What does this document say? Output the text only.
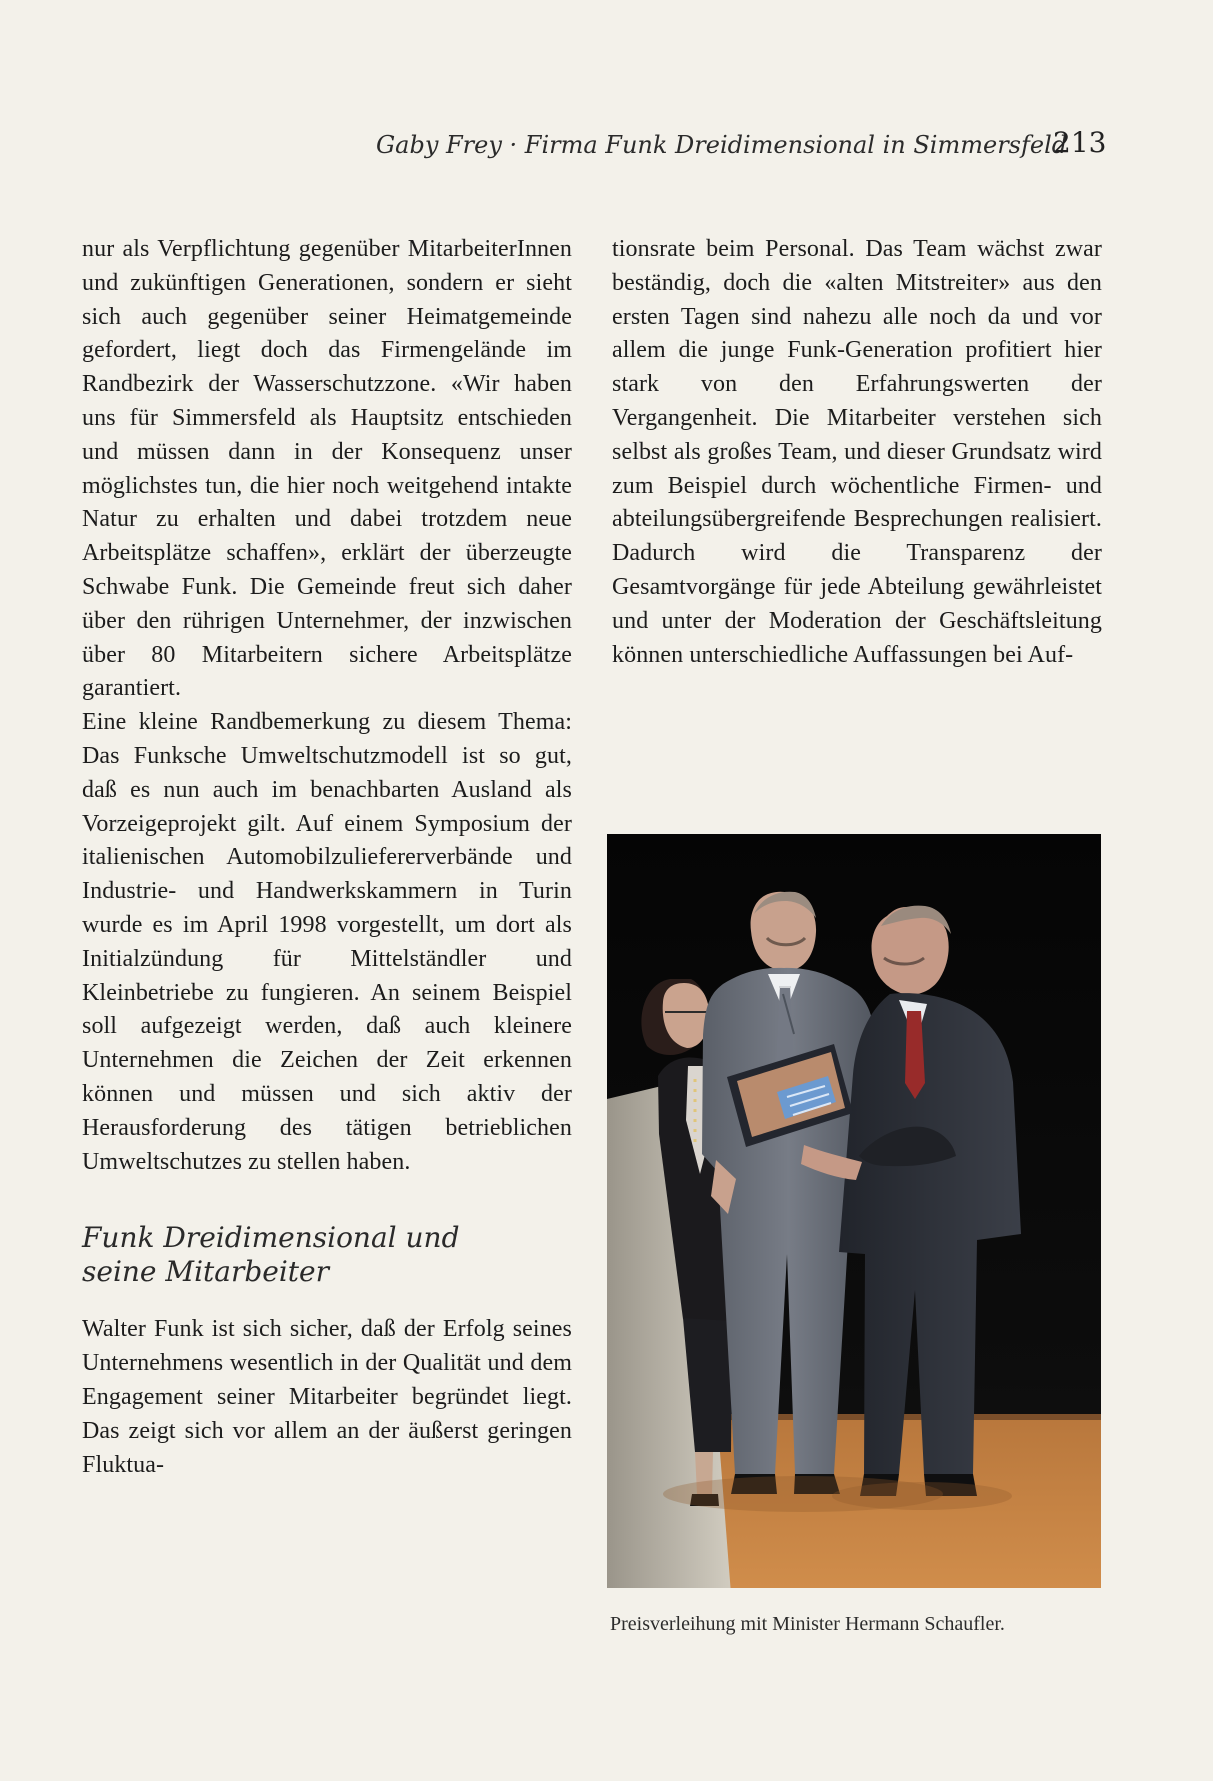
Gaby Frey · Firma Funk Dreidimensional in Simmersfeld
213

nur als Verpflichtung gegenüber MitarbeiterInnen und zukünftigen Generationen, sondern er sieht sich auch gegenüber seiner Heimatgemeinde gefordert, liegt doch das Firmengelände im Randbezirk der Wasserschutzzone. «Wir haben uns für Simmersfeld als Hauptsitz entschieden und müssen dann in der Konsequenz unser möglichstes tun, die hier noch weitgehend intakte Natur zu erhalten und dabei trotzdem neue Arbeitsplätze schaffen», erklärt der überzeugte Schwabe Funk. Die Gemeinde freut sich daher über den rührigen Unternehmer, der inzwischen über 80 Mitarbeitern sichere Arbeitsplätze garantiert.

Eine kleine Randbemerkung zu diesem Thema: Das Funksche Umweltschutzmodell ist so gut, daß es nun auch im benachbarten Ausland als Vorzeigeprojekt gilt. Auf einem Symposium der italienischen Automobilzuliefererverbände und Industrie- und Handwerkskammern in Turin wurde es im April 1998 vorgestellt, um dort als Initialzündung für Mittelständler und Kleinbetriebe zu fungieren. An seinem Beispiel soll aufgezeigt werden, daß auch kleinere Unternehmen die Zeichen der Zeit erkennen können und müssen und sich aktiv der Herausforderung des tätigen betrieblichen Umweltschutzes zu stellen haben.

Funk Dreidimensional und
seine Mitarbeiter

Walter Funk ist sich sicher, daß der Erfolg seines Unternehmens wesentlich in der Qualität und dem Engagement seiner Mitarbeiter begründet liegt. Das zeigt sich vor allem an der äußerst geringen Fluktua-

tionsrate beim Personal. Das Team wächst zwar beständig, doch die «alten Mitstreiter» aus den ersten Tagen sind nahezu alle noch da und vor allem die junge Funk-Generation profitiert hier stark von den Erfahrungswerten der Vergangenheit. Die Mitarbeiter verstehen sich selbst als großes Team, und dieser Grundsatz wird zum Beispiel durch wöchentliche Firmen- und abteilungsübergreifende Besprechungen realisiert. Dadurch wird die Transparenz der Gesamtvorgänge für jede Abteilung gewährleistet und unter der Moderation der Geschäftsleitung können unterschiedliche Auffassungen bei Auf-

Preisverleihung mit Minister Hermann Schaufler.
